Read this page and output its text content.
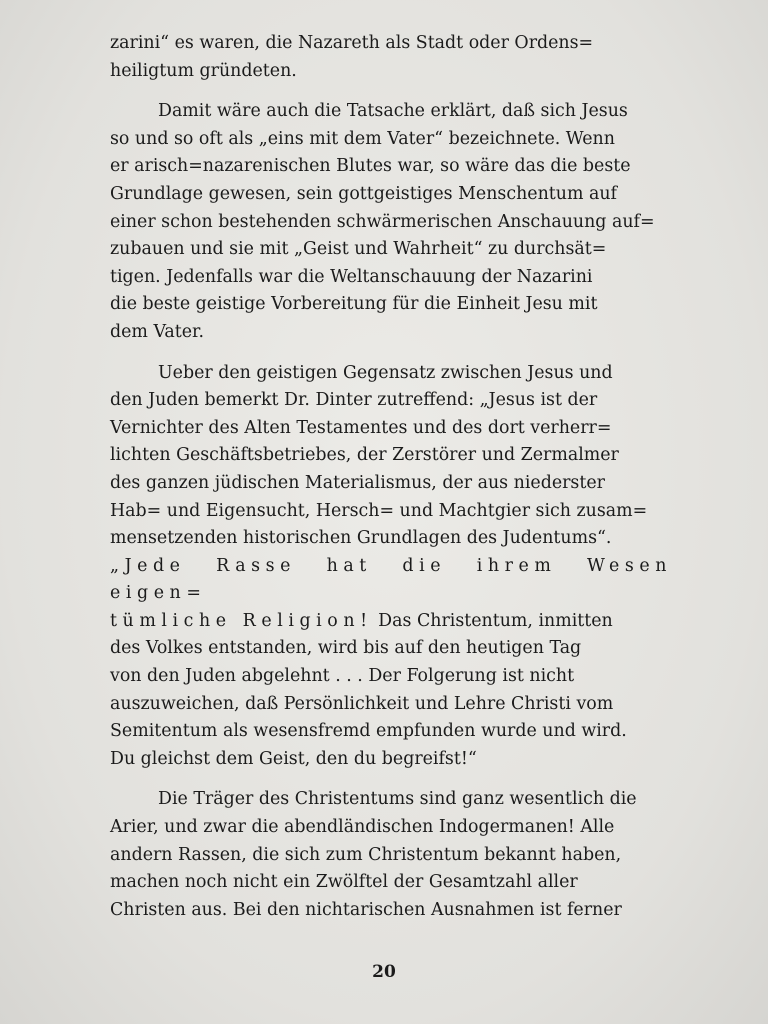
zarini“ es waren, die Nazareth als Stadt oder Ordens=
heiligtum gründeten.

Damit wäre auch die Tatsache erklärt, daß sich Jesus
so und so oft als „eins mit dem Vater“ bezeichnete. Wenn
er arisch=nazarenischen Blutes war, so wäre das die beste
Grundlage gewesen, sein gottgeistiges Menschentum auf
einer schon bestehenden schwärmerischen Anschauung auf=
zubauen und sie mit „Geist und Wahrheit“ zu durchsät=
tigen. Jedenfalls war die Weltanschauung der Nazarini
die beste geistige Vorbereitung für die Einheit Jesu mit
dem Vater.

Ueber den geistigen Gegensatz zwischen Jesus und
den Juden bemerkt Dr. Dinter zutreffend: „Jesus ist der
Vernichter des Alten Testamentes und des dort verherr=
lichten Geschäftsbetriebes, der Zerstörer und Zermalmer
des ganzen jüdischen Materialismus, der aus niederster
Hab= und Eigensucht, Hersch= und Machtgier sich zusam=
mensetzenden historischen Grundlagen des Judentums“.
„Jede Rasse hat die ihrem Wesen eigen=
tümliche Religion! Das Christentum, inmitten
des Volkes entstanden, wird bis auf den heutigen Tag
von den Juden abgelehnt . . . Der Folgerung ist nicht
auszuweichen, daß Persönlichkeit und Lehre Christi vom
Semitentum als wesensfremd empfunden wurde und wird.
Du gleichst dem Geist, den du begreifst!“

Die Träger des Christentums sind ganz wesentlich die
Arier, und zwar die abendländischen Indogermanen! Alle
andern Rassen, die sich zum Christentum bekannt haben,
machen noch nicht ein Zwölftel der Gesamtzahl aller
Christen aus. Bei den nichtarischen Ausnahmen ist ferner

20
